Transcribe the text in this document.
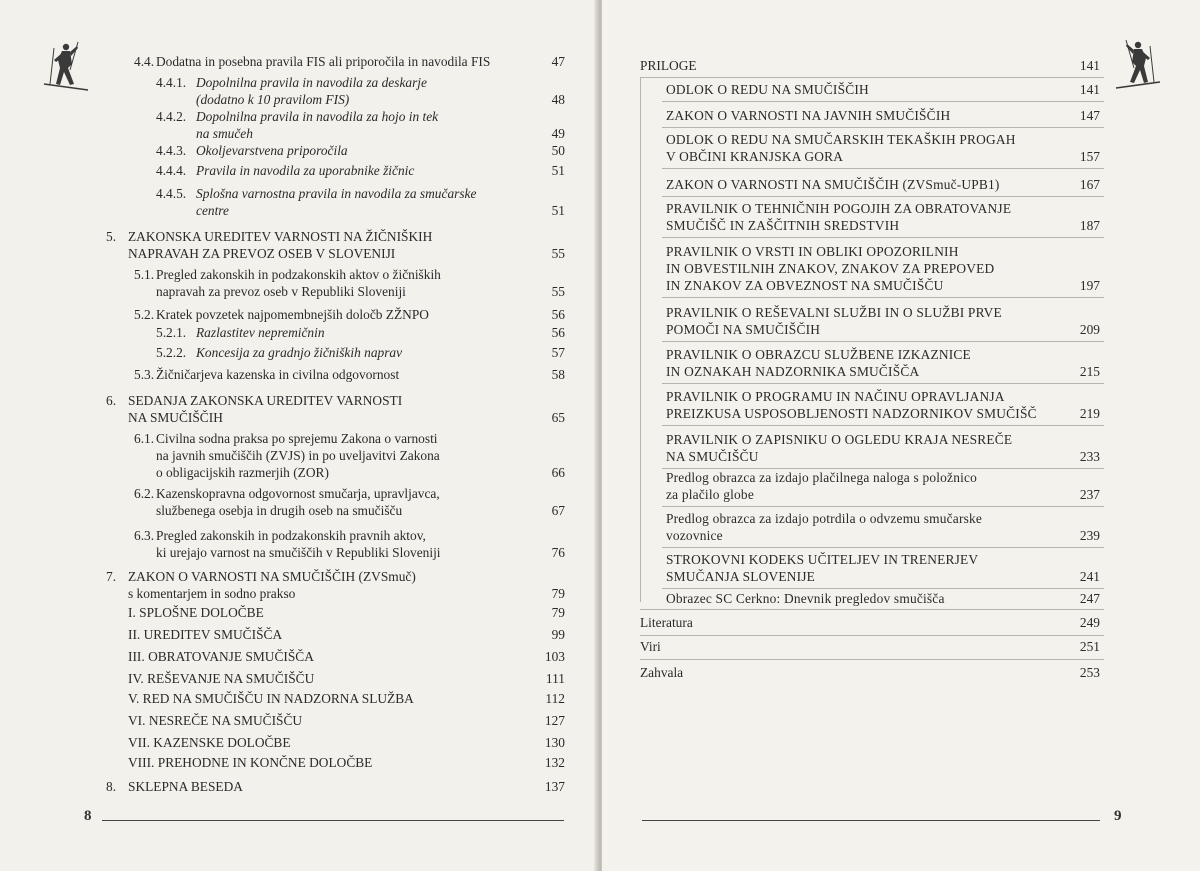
4.4. Dodatna in posebna pravila FIS ali priporočila in navodila FIS	47
4.4.1. Dopolnilna pravila in navodila za deskarje
(dodatno k 10 pravilom FIS)	48
4.4.2. Dopolnilna pravila in navodila za hojo in tek
na smučeh	49
4.4.3. Okoljevarstvena priporočila	50
4.4.4. Pravila in navodila za uporabnike žičnic	51
4.4.5. Splošna varnostna pravila in navodila za smučarske
centre	51
5. ZAKONSKA UREDITEV VARNOSTI NA ŽIČNIŠKIH
NAPRAVAH ZA PREVOZ OSEB V SLOVENIJI	55
5.1. Pregled zakonskih in podzakonskih aktov o žičniških
napravah za prevoz oseb v Republiki Sloveniji	55
5.2. Kratek povzetek najpomembnejših določb ZŽNPO	56
5.2.1. Razlastitev nepremičnin	56
5.2.2. Koncesija za gradnjo žičniških naprav	57
5.3. Žičničarjeva kazenska in civilna odgovornost	58
6. SEDANJA ZAKONSKA UREDITEV VARNOSTI
NA SMUČIŠČIH	65
6.1. Civilna sodna praksa po sprejemu Zakona o varnosti
na javnih smučiščih (ZVJS) in po uveljavitvi Zakona
o obligacijskih razmerjih (ZOR)	66
6.2. Kazenskopravna odgovornost smučarja, upravljavca,
službenega osebja in drugih oseb na smučišču	67
6.3. Pregled zakonskih in podzakonskih pravnih aktov,
ki urejajo varnost na smučiščih v Republiki Sloveniji	76
7. ZAKON O VARNOSTI NA SMUČIŠČIH (ZVSmuč)
s komentarjem in sodno prakso	79
I. SPLOŠNE DOLOČBE	79
II. UREDITEV SMUČIŠČA	99
III. OBRATOVANJE SMUČIŠČA	103
IV. REŠEVANJE NA SMUČIŠČU	111
V. RED NA SMUČIŠČU IN NADZORNA SLUŽBA	112
VI. NESREČE NA SMUČIŠČU	127
VII. KAZENSKE DOLOČBE	130
VIII. PREHODNE IN KONČNE DOLOČBE	132
8. SKLEPNA BESEDA	137
8
PRILOGE	141
ODLOK O REDU NA SMUČIŠČIH	141
ZAKON O VARNOSTI NA JAVNIH SMUČIŠČIH	147
ODLOK O REDU NA SMUČARSKIH TEKAŠKIH PROGAH
V OBČINI KRANJSKA GORA	157
ZAKON O VARNOSTI NA SMUČIŠČIH (ZVSmuč-UPB1)	167
PRAVILNIK O TEHNIČNIH POGOJIH ZA OBRATOVANJE
SMUČIŠČ IN ZAŠČITNIH SREDSTVIH	187
PRAVILNIK O VRSTI IN OBLIKI OPOZORILNIH
IN OBVESTILNIH ZNAKOV, ZNAKOV ZA PREPOVED
IN ZNAKOV ZA OBVEZNOST NA SMUČIŠČU	197
PRAVILNIK O REŠEVALNI SLUŽBI IN O SLUŽBI PRVE
POMOČI NA SMUČIŠČIH	209
PRAVILNIK O OBRAZCU SLUŽBENE IZKAZNICE
IN OZNAKAH NADZORNIKA SMUČIŠČA	215
PRAVILNIK O PROGRAMU IN NAČINU OPRAVLJANJA
PREIZKUSA USPOSOBLJENOSTI NADZORNIKOV SMUČIŠČ	219
PRAVILNIK O ZAPISNIKU O OGLEDU KRAJA NESREČE
NA SMUČIŠČU	233
Predlog obrazca za izdajo plačilnega naloga s položnico
za plačilo globe	237
Predlog obrazca za izdajo potrdila o odvzemu smučarske
vozovnice	239
STROKOVNI KODEKS UČITELJEV IN TRENERJEV
SMUČANJA SLOVENIJE	241
Obrazec SC Cerkno: Dnevnik pregledov smučišča	247
Literatura	249
Viri	251
Zahvala	253
9
